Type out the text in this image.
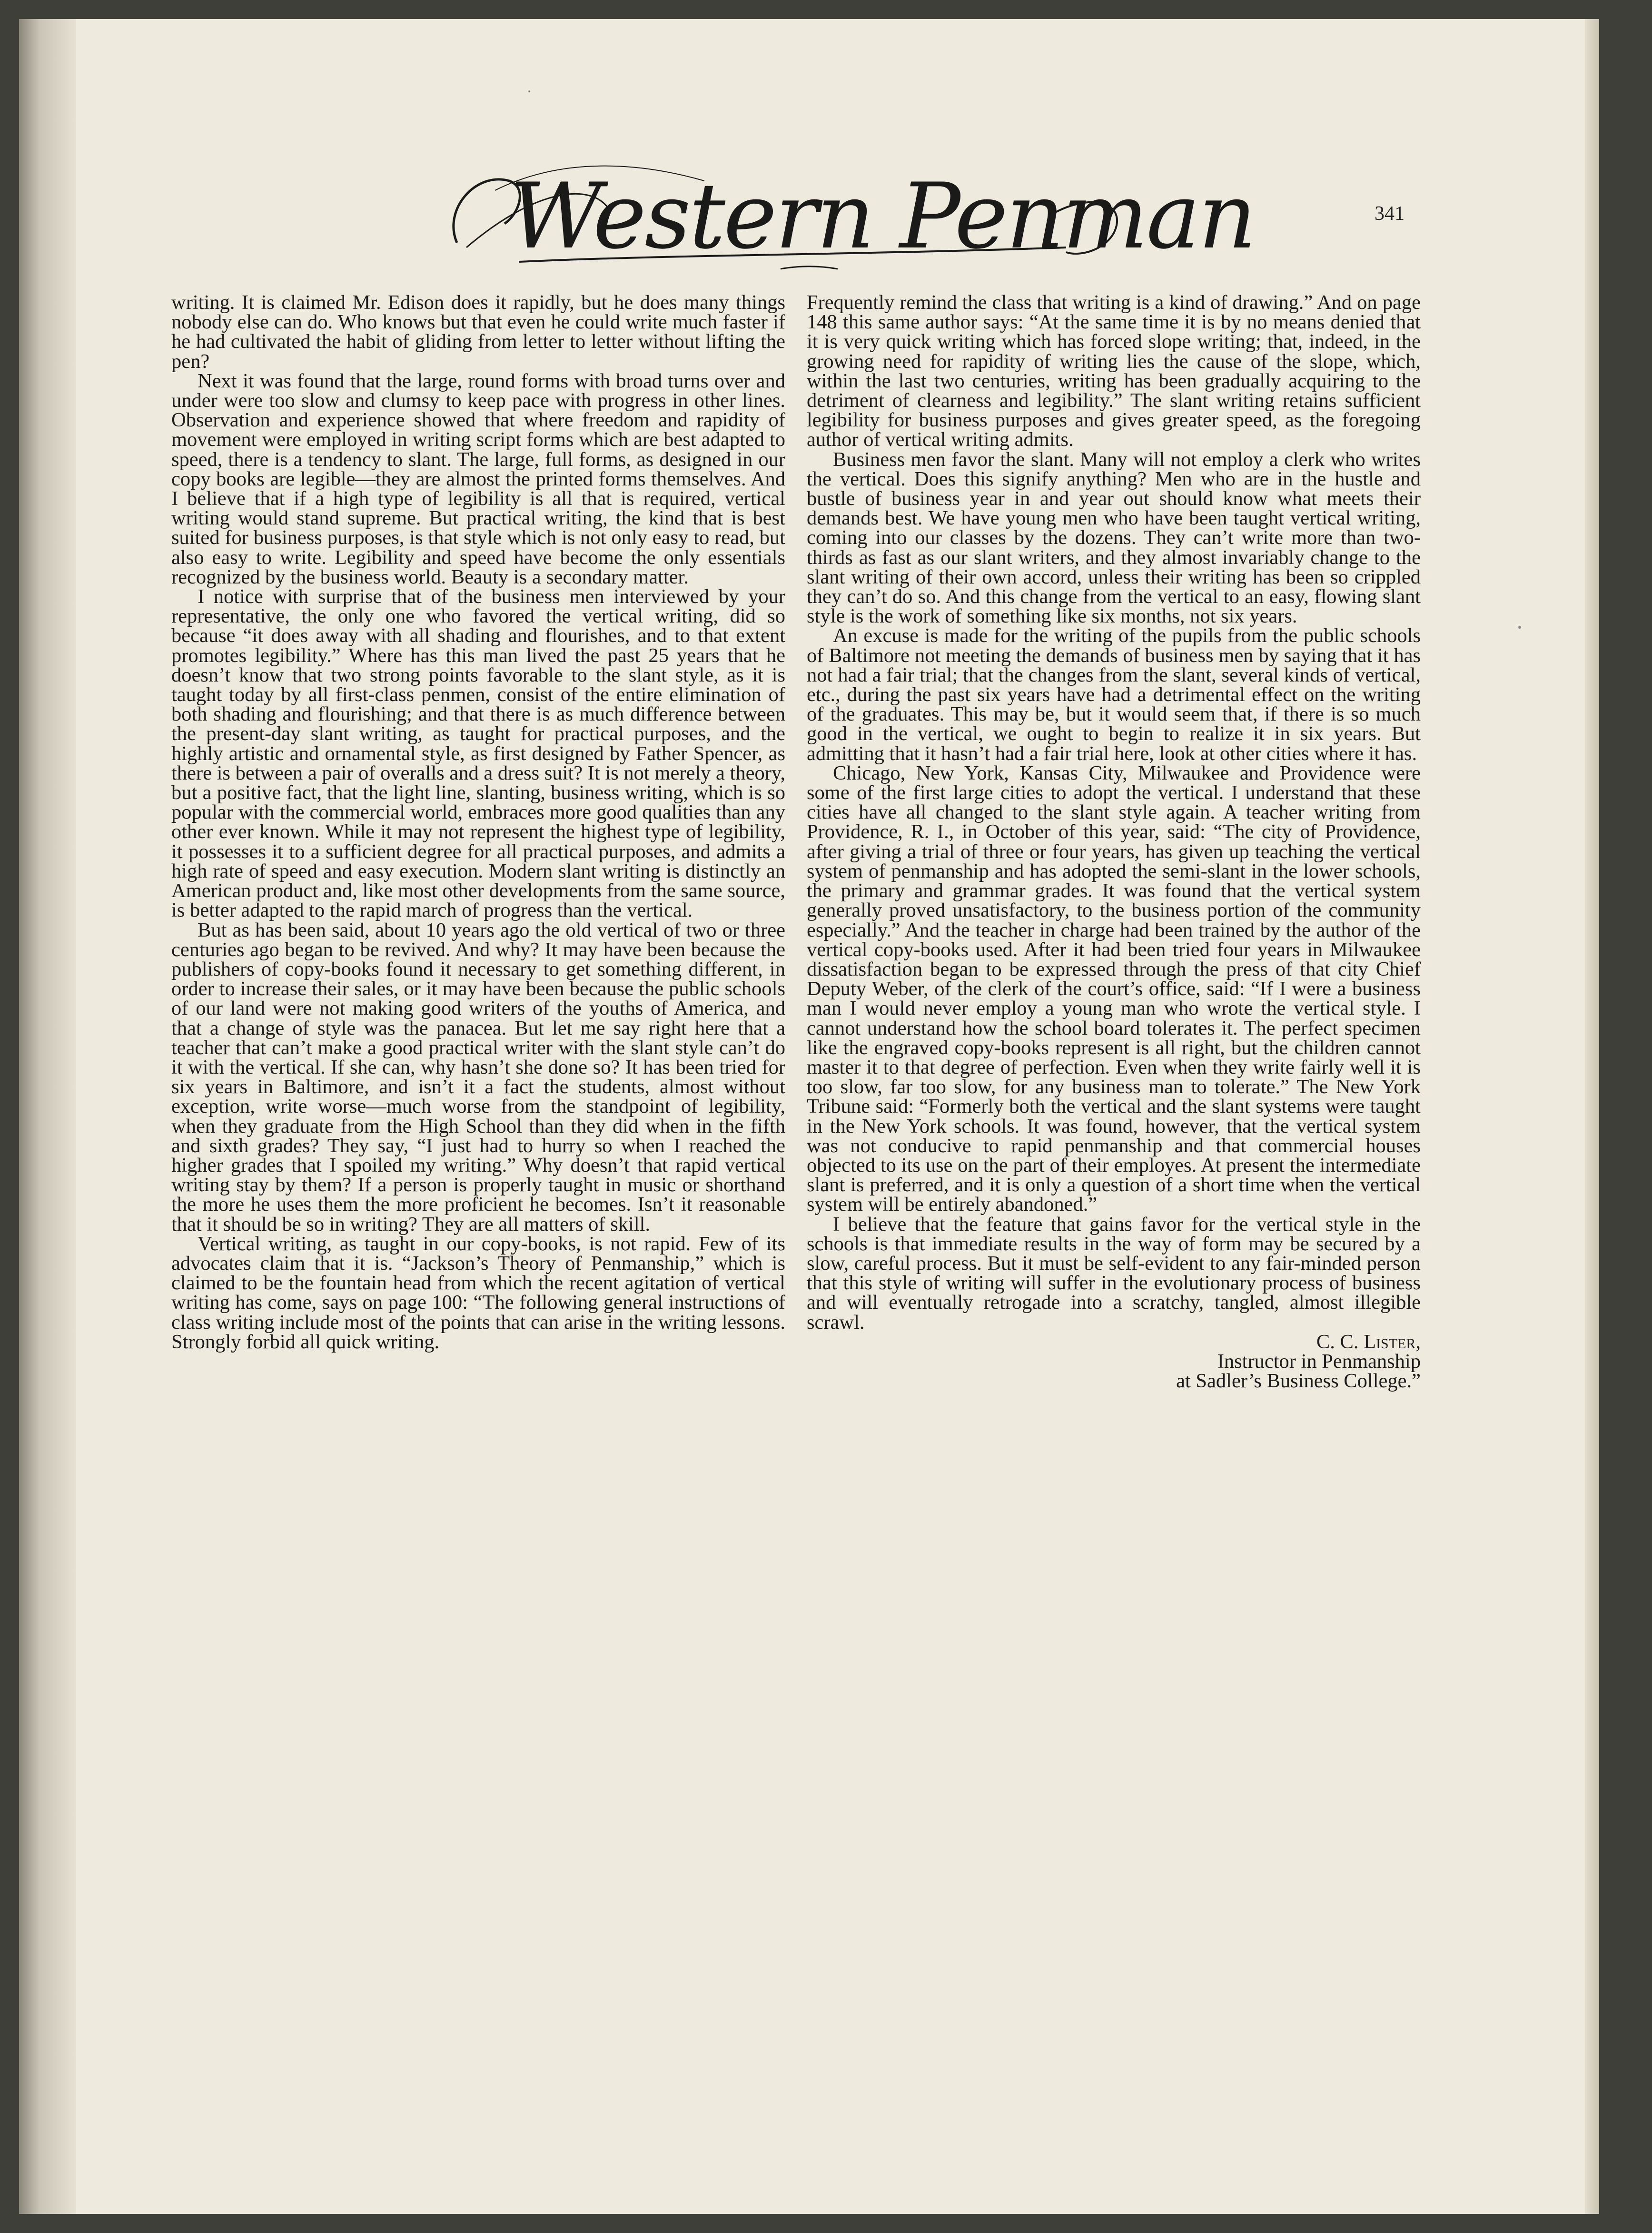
Western Penman	341

writing. It is claimed Mr. Edison does it rapidly, but he does many things nobody else can do. Who knows but that even he could write much faster if he had cultivated the habit of gliding from letter to letter without lifting the pen?

Next it was found that the large, round forms with broad turns over and under were too slow and clumsy to keep pace with progress in other lines. Observation and experience showed that where freedom and rapidity of movement were employed in writing script forms which are best adapted to speed, there is a tendency to slant. The large, full forms, as designed in our copy books are legible—they are almost the printed forms themselves. And I believe that if a high type of legibility is all that is required, vertical writing would stand supreme. But practical writing, the kind that is best suited for business purposes, is that style which is not only easy to read, but also easy to write. Legibility and speed have become the only essentials recognized by the business world. Beauty is a secondary matter.

I notice with surprise that of the business men interviewed by your representative, the only one who favored the vertical writing, did so because “it does away with all shading and flourishes, and to that extent promotes legibility.” Where has this man lived the past 25 years that he doesn’t know that two strong points favorable to the slant style, as it is taught today by all first-class penmen, consist of the entire elimination of both shading and flourishing; and that there is as much difference between the present-day slant writing, as taught for practical purposes, and the highly artistic and ornamental style, as first designed by Father Spencer, as there is between a pair of overalls and a dress suit? It is not merely a theory, but a positive fact, that the light line, slanting, business writing, which is so popular with the commercial world, embraces more good qualities than any other ever known. While it may not represent the highest type of legibility, it possesses it to a sufficient degree for all practical purposes, and admits a high rate of speed and easy execution. Modern slant writing is distinctly an American product and, like most other developments from the same source, is better adapted to the rapid march of progress than the vertical.

But as has been said, about 10 years ago the old vertical of two or three centuries ago began to be revived. And why? It may have been because the publishers of copy-books found it necessary to get something different, in order to increase their sales, or it may have been because the public schools of our land were not making good writers of the youths of America, and that a change of style was the panacea. But let me say right here that a teacher that can’t make a good practical writer with the slant style can’t do it with the vertical. If she can, why hasn’t she done so? It has been tried for six years in Baltimore, and isn’t it a fact the students, almost without exception, write worse—much worse from the standpoint of legibility, when they graduate from the High School than they did when in the fifth and sixth grades? They say, “I just had to hurry so when I reached the higher grades that I spoiled my writing.” Why doesn’t that rapid vertical writing stay by them? If a person is properly taught in music or shorthand the more he uses them the more proficient he becomes. Isn’t it reasonable that it should be so in writing? They are all matters of skill.

Vertical writing, as taught in our copy-books, is not rapid. Few of its advocates claim that it is. “Jackson’s Theory of Penmanship,” which is claimed to be the fountain head from which the recent agitation of vertical writing has come, says on page 100: “The following general instructions of class writing include most of the points that can arise in the writing lessons. Strongly forbid all quick writing.

Frequently remind the class that writing is a kind of drawing.” And on page 148 this same author says: “At the same time it is by no means denied that it is very quick writing which has forced slope writing; that, indeed, in the growing need for rapidity of writing lies the cause of the slope, which, within the last two centuries, writing has been gradually acquiring to the detriment of clearness and legibility.” The slant writing retains sufficient legibility for business purposes and gives greater speed, as the foregoing author of vertical writing admits.

Business men favor the slant. Many will not employ a clerk who writes the vertical. Does this signify anything? Men who are in the hustle and bustle of business year in and year out should know what meets their demands best. We have young men who have been taught vertical writing, coming into our classes by the dozens. They can’t write more than two-thirds as fast as our slant writers, and they almost invariably change to the slant writing of their own accord, unless their writing has been so crippled they can’t do so. And this change from the vertical to an easy, flowing slant style is the work of something like six months, not six years.

An excuse is made for the writing of the pupils from the public schools of Baltimore not meeting the demands of business men by saying that it has not had a fair trial; that the changes from the slant, several kinds of vertical, etc., during the past six years have had a detrimental effect on the writing of the graduates. This may be, but it would seem that, if there is so much good in the vertical, we ought to begin to realize it in six years. But admitting that it hasn’t had a fair trial here, look at other cities where it has.

Chicago, New York, Kansas City, Milwaukee and Providence were some of the first large cities to adopt the vertical. I understand that these cities have all changed to the slant style again. A teacher writing from Providence, R. I., in October of this year, said: “The city of Providence, after giving a trial of three or four years, has given up teaching the vertical system of penmanship and has adopted the semi-slant in the lower schools, the primary and grammar grades. It was found that the vertical system generally proved unsatisfactory, to the business portion of the community especially.” And the teacher in charge had been trained by the author of the vertical copy-books used. After it had been tried four years in Milwaukee dissatisfaction began to be expressed through the press of that city Chief Deputy Weber, of the clerk of the court’s office, said: “If I were a business man I would never employ a young man who wrote the vertical style. I cannot understand how the school board tolerates it. The perfect specimen like the engraved copy-books represent is all right, but the children cannot master it to that degree of perfection. Even when they write fairly well it is too slow, far too slow, for any business man to tolerate.” The New York Tribune said: “Formerly both the vertical and the slant systems were taught in the New York schools. It was found, however, that the vertical system was not conducive to rapid penmanship and that commercial houses objected to its use on the part of their employes. At present the intermediate slant is preferred, and it is only a question of a short time when the vertical system will be entirely abandoned.”

I believe that the feature that gains favor for the vertical style in the schools is that immediate results in the way of form may be secured by a slow, careful process. But it must be self-evident to any fair-minded person that this style of writing will suffer in the evolutionary process of business and will eventually retrogade into a scratchy, tangled, almost illegible scrawl.

C. C. Lister,
Instructor in Penmanship
at Sadler’s Business College.”
